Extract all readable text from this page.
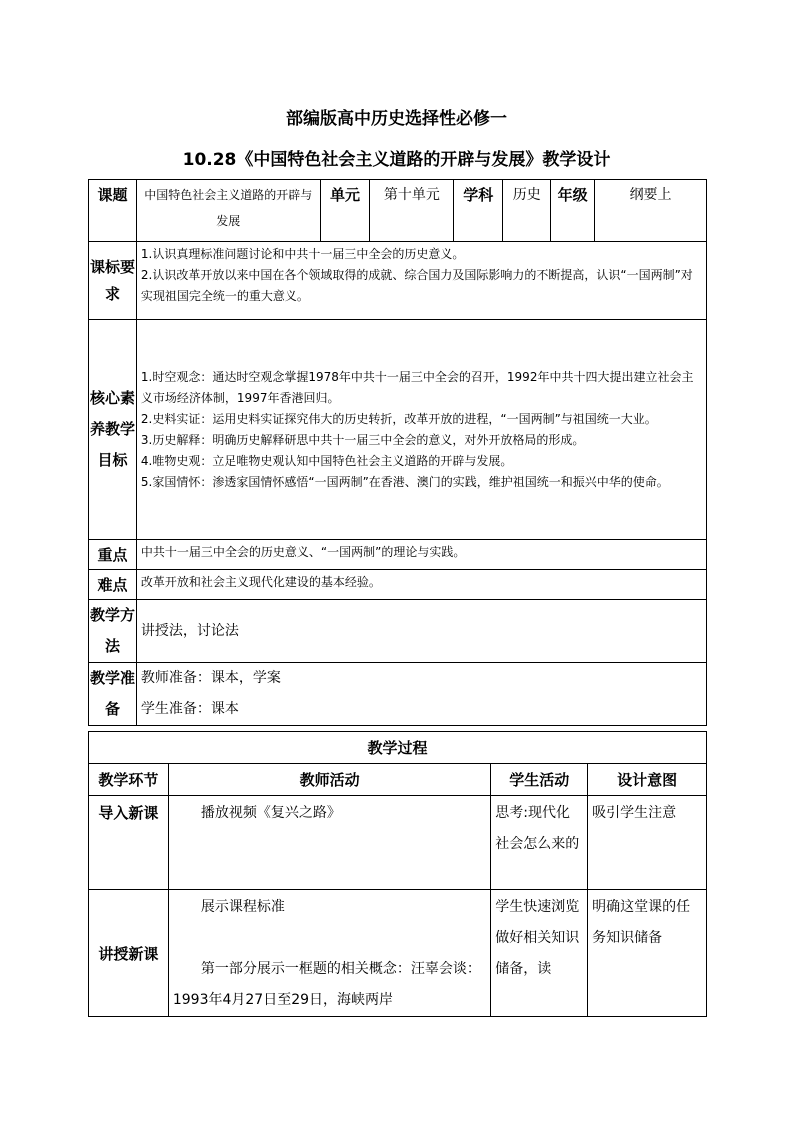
部编版高中历史选择性必修一
10.28《中国特色社会主义道路的开辟与发展》教学设计
课题	中国特色社会主义道路的开辟与发展	单元	第十单元	学科	历史	年级	纲要上
课标要求	1.认识真理标准问题讨论和中共十一届三中全会的历史意义。
2.认识改革开放以来中国在各个领域取得的成就、综合国力及国际影响力的不断提高，认识“一国两制”对实现祖国完全统一的重大意义。						

核心素养教学目标	1.时空观念：通达时空观念掌握1978年中共十一届三中全会的召开，1992年中共十四大提出建立社会主义市场经济体制，1997年香港回归。
2.史料实证：运用史料实证探究伟大的历史转折，改革开放的进程，“一国两制”与祖国统一大业。
3.历史解释：明确历史解释研思中共十一届三中全会的意义，对外开放格局的形成。
4.唯物史观：立足唯物史观认知中国特色社会主义道路的开辟与发展。
5.家国情怀：渗透家国情怀感悟“一国两制”在香港、澳门的实践，维护祖国统一和振兴中华的使命。						

重点	中共十一届三中全会的历史意义、“一国两制”的理论与实践。						
难点	改革开放和社会主义现代化建设的基本经验。						
教学方法	讲授法，讨论法						
教学准备	教师准备：课本，学案
学生准备：课本						
教学过程			
教学环节	教师活动	学生活动	设计意图
导入新课	播放视频《复兴之路》	思考:现代化社会怎么来的	吸引学生注意
讲授新课	展示课程标准
第一部分展示一框题的相关概念：汪辜会谈：1993年4月27日至29日，海峡两岸	学生快速浏览做好相关知识储备，读	明确这堂课的任务知识储备
